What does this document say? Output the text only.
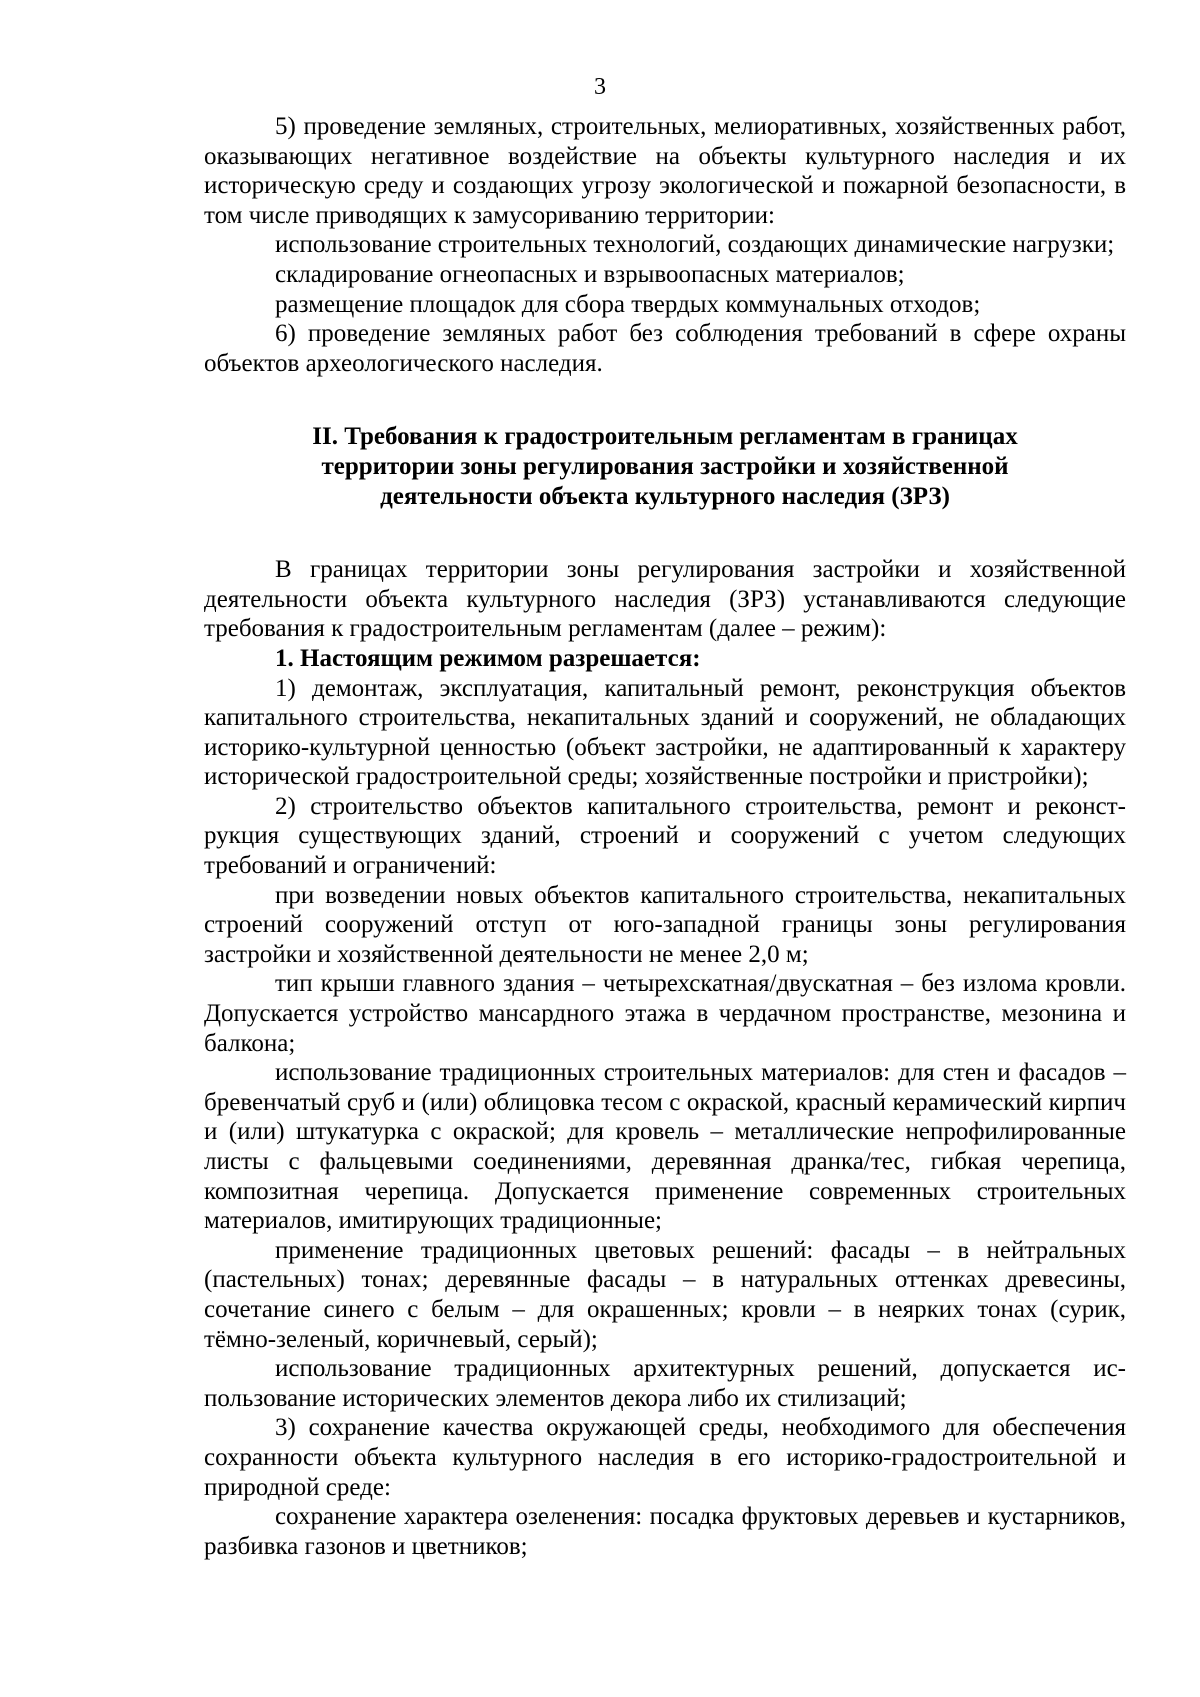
3

5) проведение земляных, строительных, мелиоративных, хозяйственных работ, оказывающих негативное воздействие на объекты культурного наследия и их историческую среду и создающих угрозу экологической и пожарной безопасности, в том числе приводящих к замусориванию территории:

использование строительных технологий, создающих динамические нагрузки;

складирование огнеопасных и взрывоопасных материалов;

размещение площадок для сбора твердых коммунальных отходов;

6) проведение земляных работ без соблюдения требований в сфере охраны объектов археологического наследия.

II. Требования к градостроительным регламентам в границах
территории зоны регулирования застройки и хозяйственной
деятельности объекта культурного наследия (ЗРЗ)

В границах территории зоны регулирования застройки и хозяйственной деятельности объекта культурного наследия (ЗРЗ) устанавливаются следующие требования к градостроительным регламентам (далее – режим):

1. Настоящим режимом разрешается:

1) демонтаж, эксплуатация, капитальный ремонт, реконструкция объектов капитального строительства, некапитальных зданий и сооружений, не обладающих историко-культурной ценностью (объект застройки, не адаптированный к характеру исторической градостроительной среды; хозяйственные постройки и пристройки);

2) строительство объектов капитального строительства, ремонт и реконструкция существующих зданий, строений и сооружений с учетом следующих требований и ограничений:

при возведении новых объектов капитального строительства, некапитальных строений сооружений отступ от юго-западной границы зоны регулирования застройки и хозяйственной деятельности не менее 2,0 м;

тип крыши главного здания – четырехскатная/двускатная – без излома кровли. Допускается устройство мансардного этажа в чердачном пространстве, мезонина и балкона;

использование традиционных строительных материалов: для стен и фасадов – бревенчатый сруб и (или) облицовка тесом с окраской, красный керамический кирпич и (или) штукатурка с окраской; для кровель – металлические непрофилированные листы с фальцевыми соединениями, деревянная дранка/тес, гибкая черепица, композитная черепица. Допускается применение современных строительных материалов, имитирующих традиционные;

применение традиционных цветовых решений: фасады – в нейтральных (пастельных) тонах; деревянные фасады – в натуральных оттенках древесины, сочетание синего с белым – для окрашенных; кровли – в неярких тонах (сурик, тёмно-зеленый, коричневый, серый);

использование традиционных архитектурных решений, допускается использование исторических элементов декора либо их стилизаций;

3) сохранение качества окружающей среды, необходимого для обеспечения сохранности объекта культурного наследия в его историко-градостроительной и природной среде:

сохранение характера озеленения: посадка фруктовых деревьев и кустарников, разбивка газонов и цветников;
